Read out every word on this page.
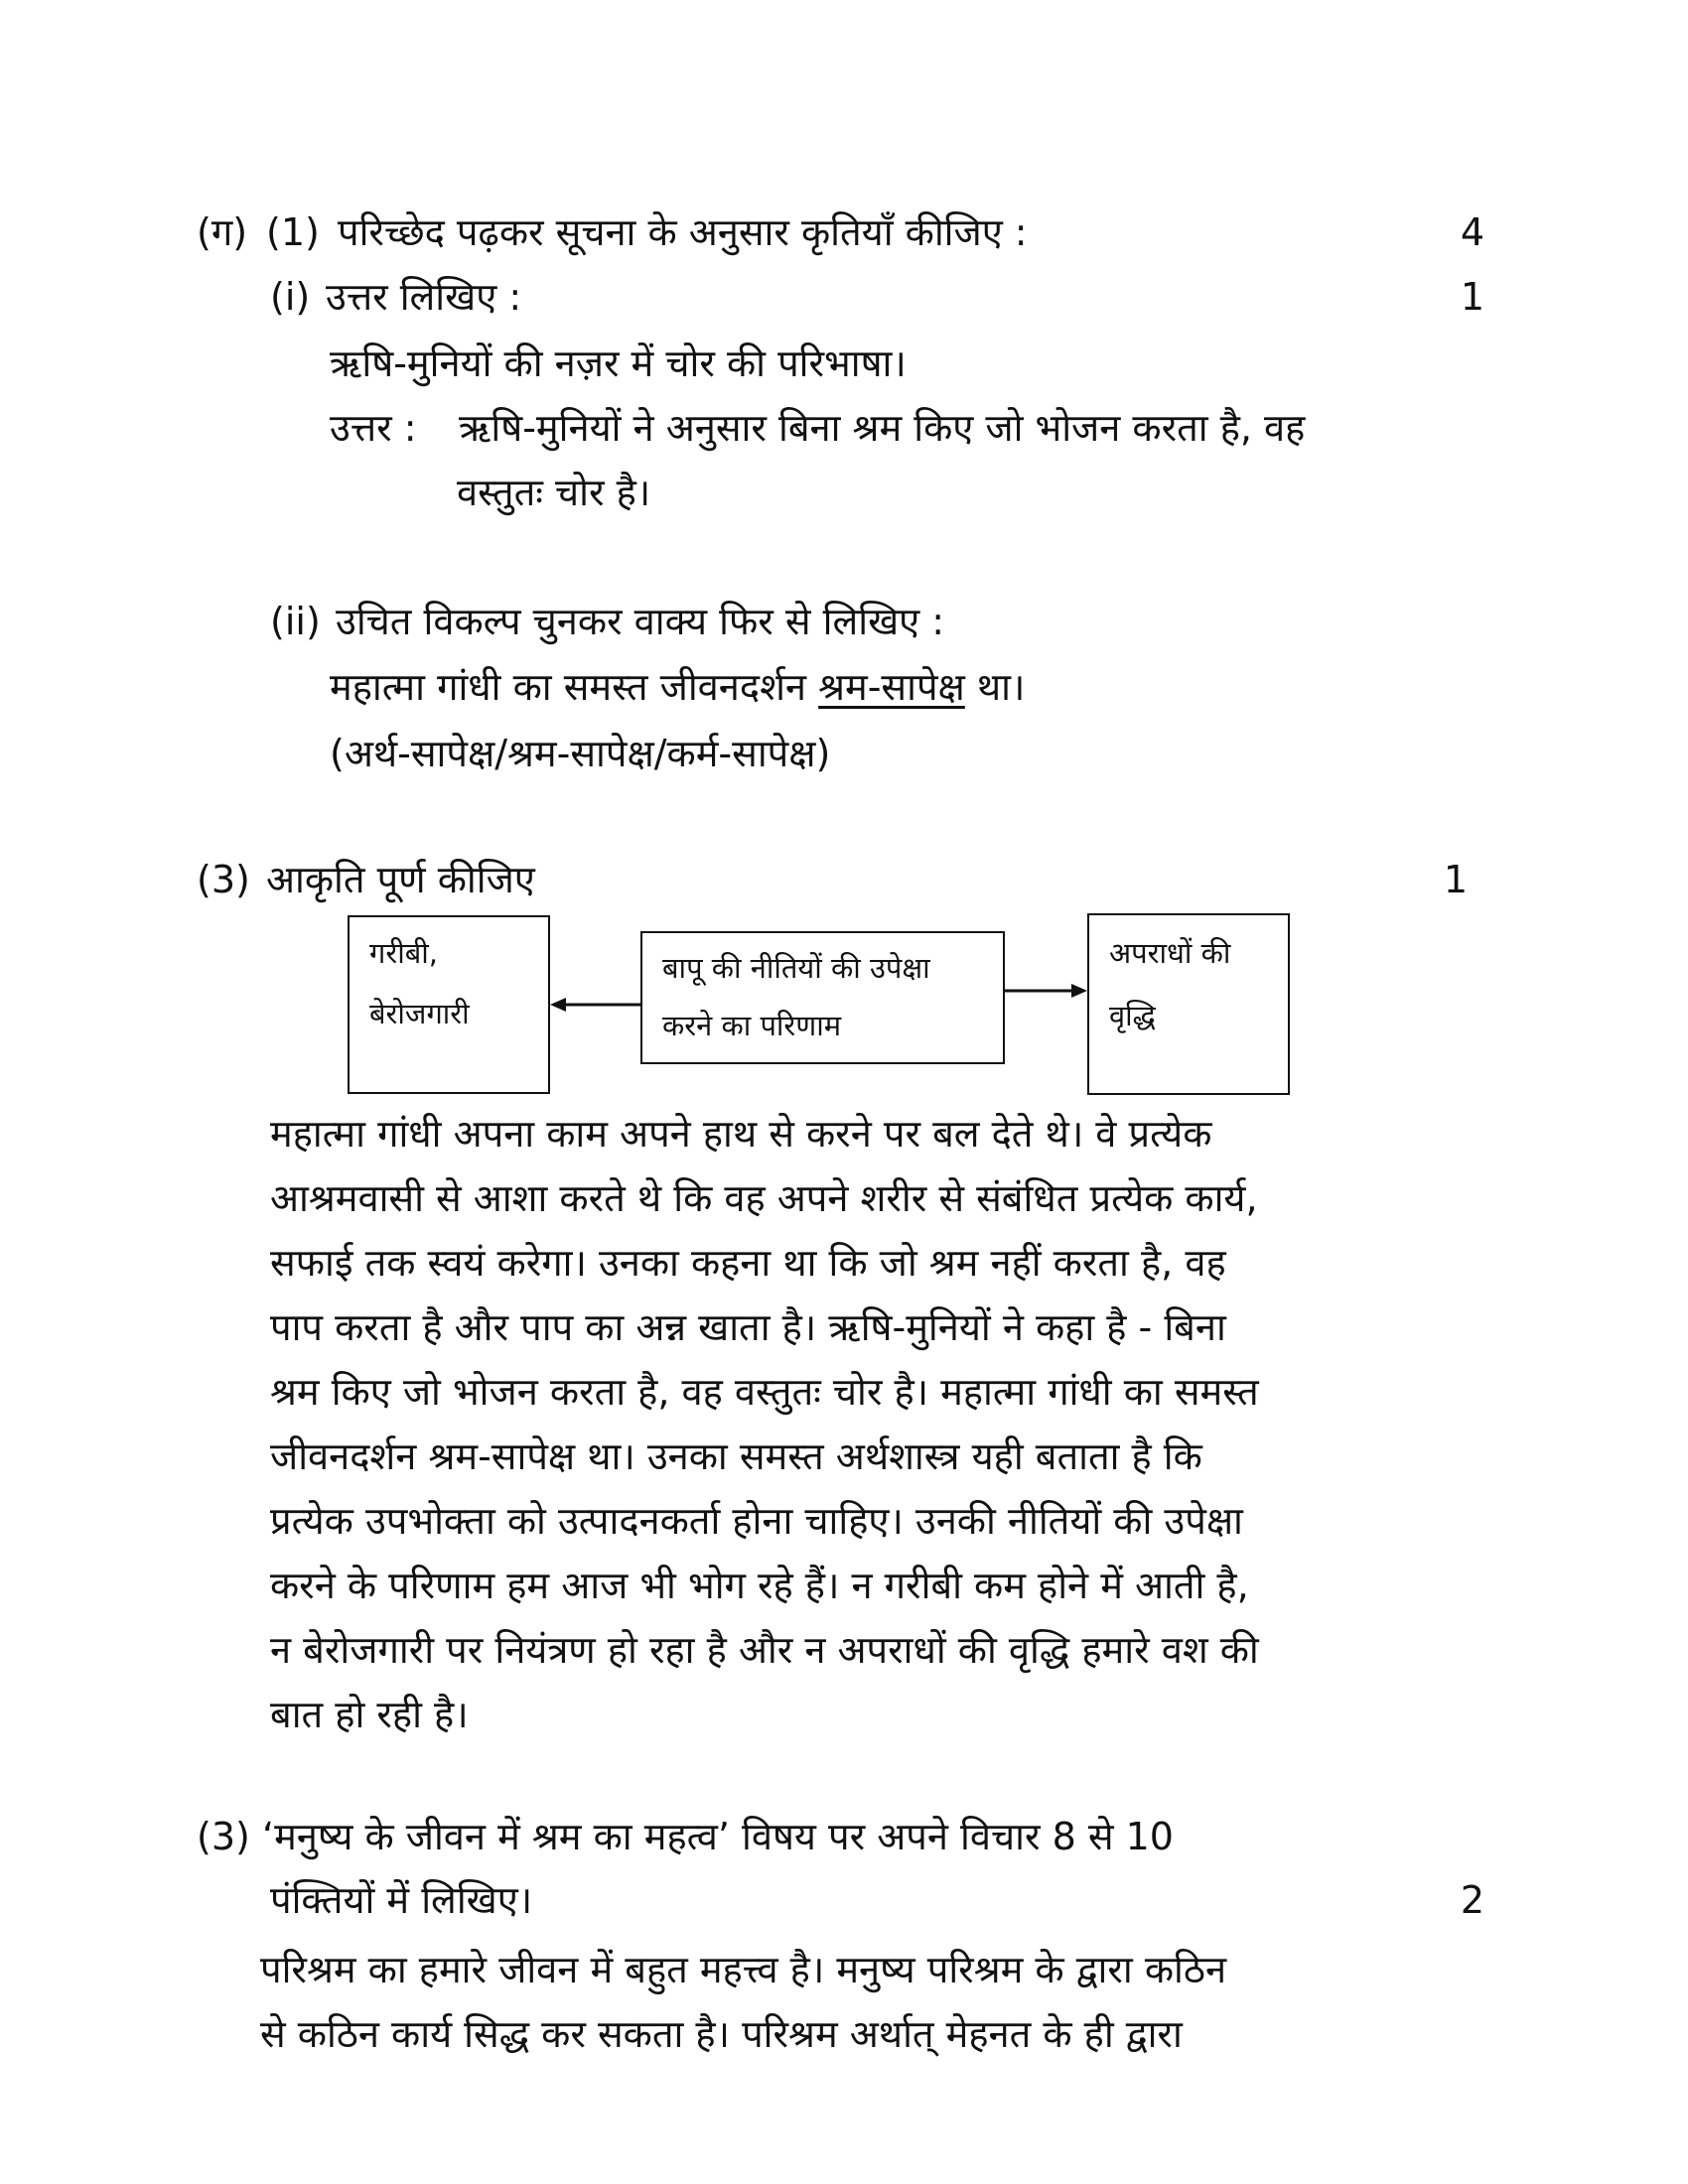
(ग) (1) परिच्छेद पढ़कर सूचना के अनुसार कृतियाँ कीजिए :	4
(i) उत्तर लिखिए :	1
ऋषि-मुनियों की नज़र में चोर की परिभाषा।
उत्तर : ऋषि-मुनियों ने अनुसार बिना श्रम किए जो भोजन करता है, वह
वस्तुतः चोर है।
(ii) उचित विकल्प चुनकर वाक्य फिर से लिखिए :
महात्मा गांधी का समस्त जीवनदर्शन श्रम-सापेक्ष था।
(अर्थ-सापेक्ष/श्रम-सापेक्ष/कर्म-सापेक्ष)
(3) आकृति पूर्ण कीजिए	1
गरीबी,
बेरोजगारी
बापू की नीतियों की उपेक्षा
करने का परिणाम
अपराधों की
वृद्धि
महात्मा गांधी अपना काम अपने हाथ से करने पर बल देते थे। वे प्रत्येक
आश्रमवासी से आशा करते थे कि वह अपने शरीर से संबंधित प्रत्येक कार्य,
सफाई तक स्वयं करेगा। उनका कहना था कि जो श्रम नहीं करता है, वह
पाप करता है और पाप का अन्न खाता है। ऋषि-मुनियों ने कहा है - बिना
श्रम किए जो भोजन करता है, वह वस्तुतः चोर है। महात्मा गांधी का समस्त
जीवनदर्शन श्रम-सापेक्ष था। उनका समस्त अर्थशास्त्र यही बताता है कि
प्रत्येक उपभोक्ता को उत्पादनकर्ता होना चाहिए। उनकी नीतियों की उपेक्षा
करने के परिणाम हम आज भी भोग रहे हैं। न गरीबी कम होने में आती है,
न बेरोजगारी पर नियंत्रण हो रहा है और न अपराधों की वृद्धि हमारे वश की
बात हो रही है।
(3) ‘मनुष्य के जीवन में श्रम का महत्व’ विषय पर अपने विचार 8 से 10
पंक्तियों में लिखिए।	2
परिश्रम का हमारे जीवन में बहुत महत्त्व है। मनुष्य परिश्रम के द्वारा कठिन
से कठिन कार्य सिद्ध कर सकता है। परिश्रम अर्थात् मेहनत के ही द्वारा
